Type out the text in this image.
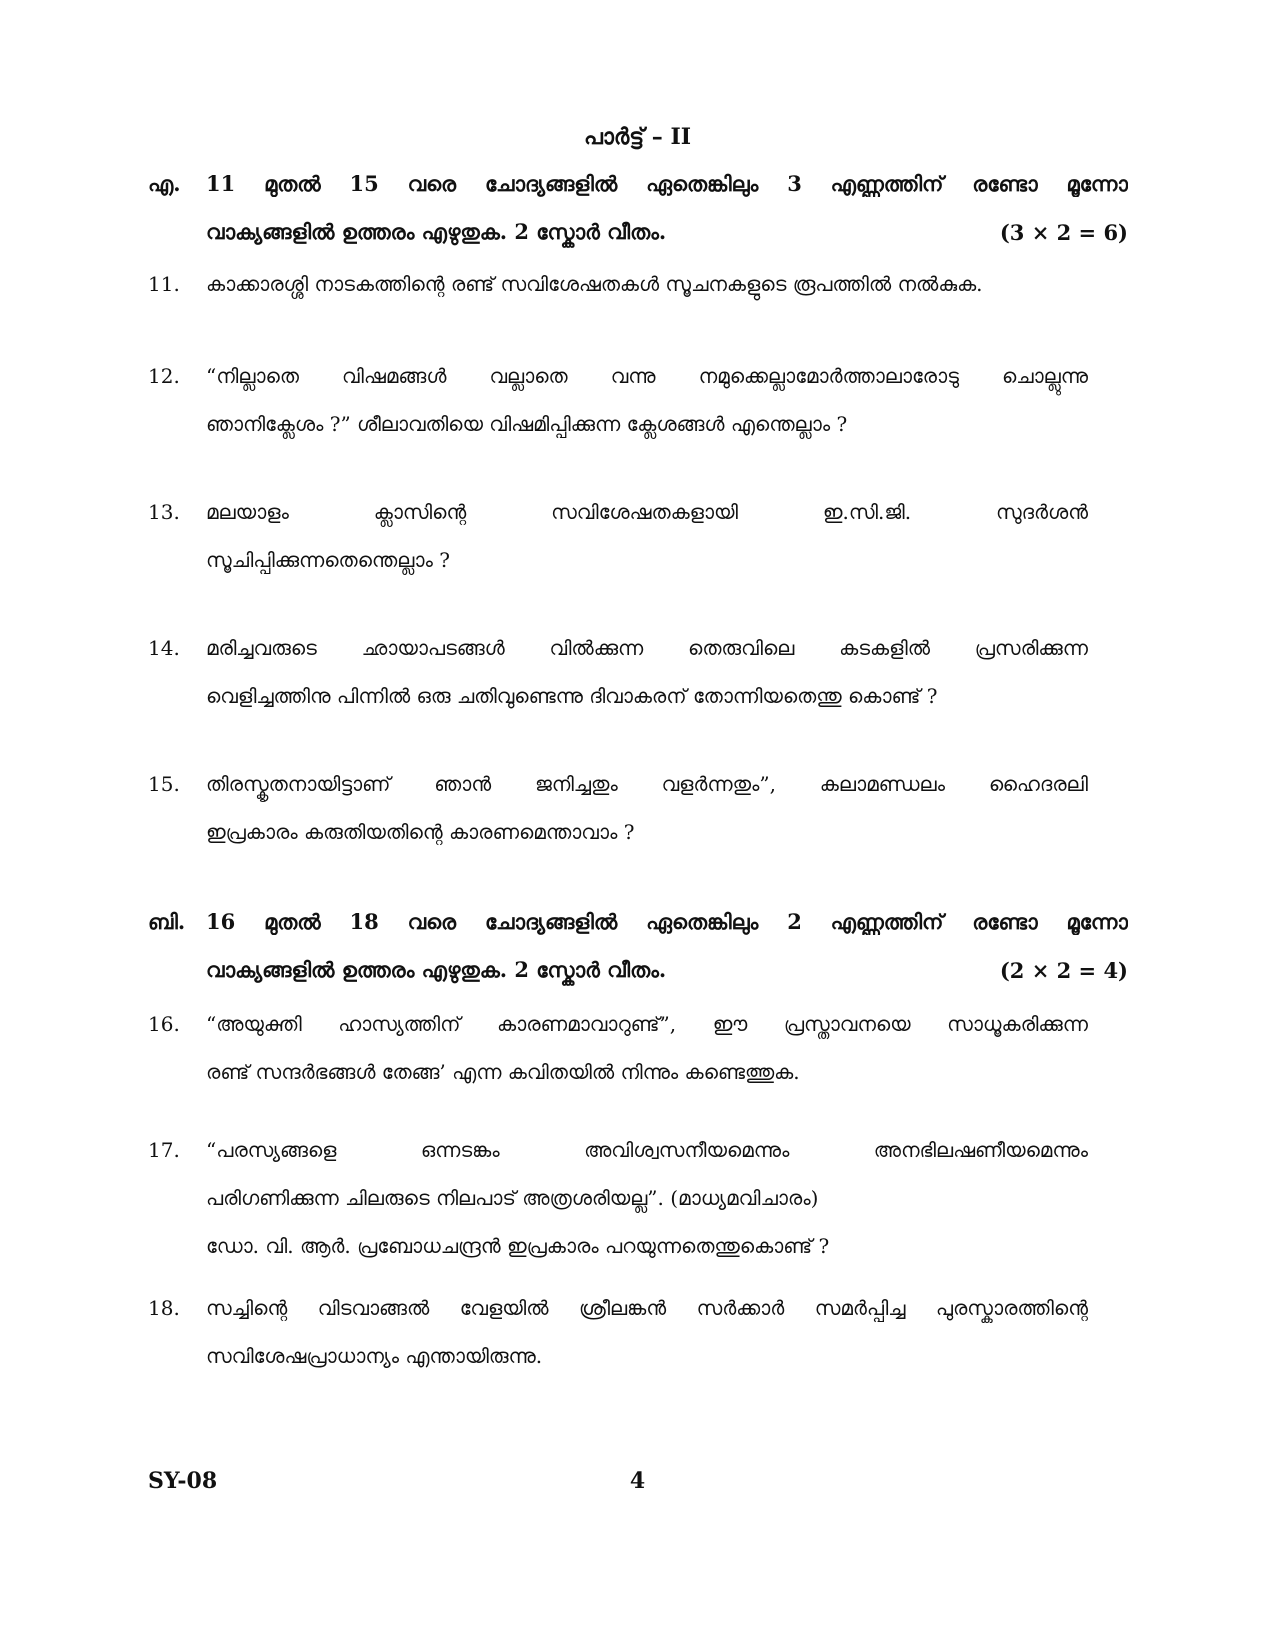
പാർട്ട് – II
എ.	11 മുതൽ 15 വരെ ചോദ്യങ്ങളിൽ ഏതെങ്കിലും 3 എണ്ണത്തിന് രണ്ടോ മൂന്നോ
വാക്യങ്ങളിൽ ഉത്തരം എഴുതുക. 2 സ്കോർ വീതം.	(3 × 2 = 6)
11.	കാക്കാരശ്ശി നാടകത്തിന്റെ രണ്ട് സവിശേഷതകൾ സൂചനകളുടെ രൂപത്തിൽ നൽകുക.
12.	“നില്ലാതെ വിഷമങ്ങൾ വല്ലാതെ വന്നു നമുക്കെല്ലാമോർത്താലാരോടു ചൊല്ലുന്നു
ഞാനിക്ലേശം ?” ശീലാവതിയെ വിഷമിപ്പിക്കുന്ന ക്ലേശങ്ങൾ എന്തെല്ലാം ?
13.	മലയാളം ക്ലാസിന്റെ സവിശേഷതകളായി ഇ.സി.ജി. സുദർശൻ
സൂചിപ്പിക്കുന്നതെന്തെല്ലാം ?
14.	മരിച്ചവരുടെ ഛായാപടങ്ങൾ വിൽക്കുന്ന തെരുവിലെ കടകളിൽ പ്രസരിക്കുന്ന
വെളിച്ചത്തിനു പിന്നിൽ ഒരു ചതിവുണ്ടെന്നു ദിവാകരന് തോന്നിയതെന്തു കൊണ്ട് ?
15.	തിരസ്കൃതനായിട്ടാണ് ഞാൻ ജനിച്ചതും വളർന്നതും”, കലാമണ്ഡലം ഹൈദരലി
ഇപ്രകാരം കരുതിയതിന്റെ കാരണമെന്താവാം ?
ബി. 16 മുതൽ 18 വരെ ചോദ്യങ്ങളിൽ ഏതെങ്കിലും 2 എണ്ണത്തിന് രണ്ടോ മൂന്നോ
വാക്യങ്ങളിൽ ഉത്തരം എഴുതുക. 2 സ്കോർ വീതം.	(2 × 2 = 4)
16.	“അയുക്തി ഹാസ്യത്തിന് കാരണമാവാറുണ്ട്”, ഈ പ്രസ്താവനയെ സാധൂകരിക്കുന്ന
രണ്ട് സന്ദർഭങ്ങൾ തേങ്ങ’ എന്ന കവിതയിൽ നിന്നും കണ്ടെത്തുക.
17.	“പരസ്യങ്ങളെ ഒന്നടങ്കം അവിശ്വസനീയമെന്നും അനഭിലഷണീയമെന്നും
പരിഗണിക്കുന്ന ചിലരുടെ നിലപാട് അത്രശരിയല്ല”. (മാധ്യമവിചാരം)
ഡോ. വി. ആർ. പ്രബോധചന്ദ്രൻ ഇപ്രകാരം പറയുന്നതെന്തുകൊണ്ട് ?
18.	സച്ചിന്റെ വിടവാങ്ങൽ വേളയിൽ ശ്രീലങ്കൻ സർക്കാർ സമർപ്പിച്ച പുരസ്കാരത്തിന്റെ
സവിശേഷപ്രാധാന്യം എന്തായിരുന്നു.
SY-08	4
